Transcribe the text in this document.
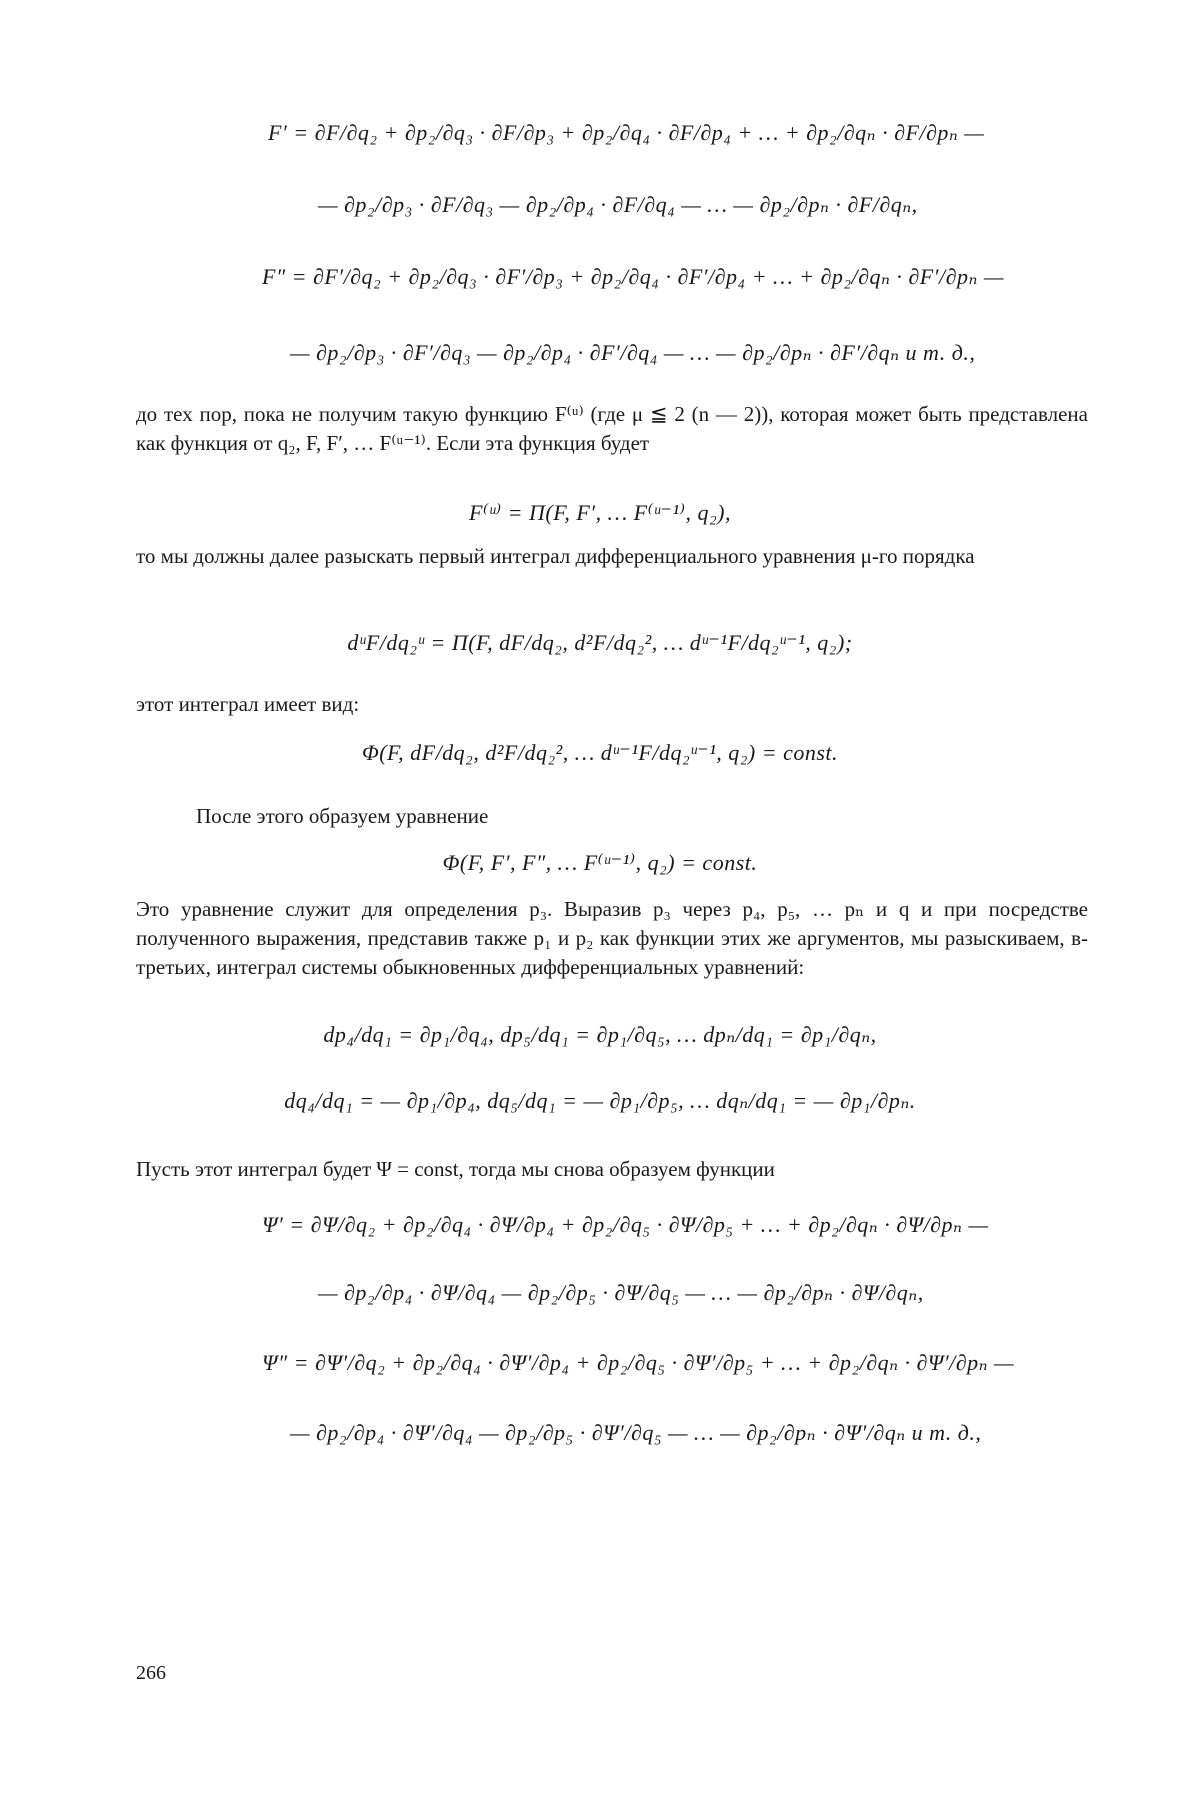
F′ = ∂F/∂q₂ + ∂p₂/∂q₃ · ∂F/∂p₃ + ∂p₂/∂q₄ · ∂F/∂p₄ + … + ∂p₂/∂qₙ · ∂F/∂pₙ —
— ∂p₂/∂p₃ · ∂F/∂q₃ — ∂p₂/∂p₄ · ∂F/∂q₄ — … — ∂p₂/∂pₙ · ∂F/∂qₙ,
F″ = ∂F′/∂q₂ + ∂p₂/∂q₃ · ∂F′/∂p₃ + ∂p₂/∂q₄ · ∂F′/∂p₄ + … + ∂p₂/∂qₙ · ∂F′/∂pₙ —
— ∂p₂/∂p₃ · ∂F′/∂q₃ — ∂p₂/∂p₄ · ∂F′/∂q₄ — … — ∂p₂/∂pₙ · ∂F′/∂qₙ и т. д.,
до тех пор, пока не получим такую функцию F⁽ᵘ⁾ (где μ ≦ 2 (n — 2)), которая может быть представлена как функция от q₂, F, F′, … F⁽ᵘ⁻¹⁾. Если эта функция будет
F⁽ᵘ⁾ = Π(F, F′, … F⁽ᵘ⁻¹⁾, q₂),
то мы должны далее разыскать первый интеграл дифференциального уравнения μ-го порядка
dᵘF/dq₂ᵘ = Π(F, dF/dq₂, d²F/dq₂², … dᵘ⁻¹F/dq₂ᵘ⁻¹, q₂);
этот интеграл имеет вид:
Φ(F, dF/dq₂, d²F/dq₂², … dᵘ⁻¹F/dq₂ᵘ⁻¹, q₂) = const.
После этого образуем уравнение
Φ(F, F′, F″, … F⁽ᵘ⁻¹⁾, q₂) = const.
Это уравнение служит для определения p₃. Выразив p₃ через p₄, p₅, … pₙ и q и при посредстве полученного выражения, представив также p₁ и p₂ как функции этих же аргументов, мы разыскиваем, в-третьих, интеграл системы обыкновенных дифференциальных уравнений:
dp₄/dq₁ = ∂p₁/∂q₄, dp₅/dq₁ = ∂p₁/∂q₅, … dpₙ/dq₁ = ∂p₁/∂qₙ,
dq₄/dq₁ = — ∂p₁/∂p₄, dq₅/dq₁ = — ∂p₁/∂p₅, … dqₙ/dq₁ = — ∂p₁/∂pₙ.
Пусть этот интеграл будет Ψ = const, тогда мы снова образуем функции
Ψ′ = ∂Ψ/∂q₂ + ∂p₂/∂q₄ · ∂Ψ/∂p₄ + ∂p₂/∂q₅ · ∂Ψ/∂p₅ + … + ∂p₂/∂qₙ · ∂Ψ/∂pₙ —
— ∂p₂/∂p₄ · ∂Ψ/∂q₄ — ∂p₂/∂p₅ · ∂Ψ/∂q₅ — … — ∂p₂/∂pₙ · ∂Ψ/∂qₙ,
Ψ″ = ∂Ψ′/∂q₂ + ∂p₂/∂q₄ · ∂Ψ′/∂p₄ + ∂p₂/∂q₅ · ∂Ψ′/∂p₅ + … + ∂p₂/∂qₙ · ∂Ψ′/∂pₙ —
— ∂p₂/∂p₄ · ∂Ψ′/∂q₄ — ∂p₂/∂p₅ · ∂Ψ′/∂q₅ — … — ∂p₂/∂pₙ · ∂Ψ′/∂qₙ и т. д.,
266
